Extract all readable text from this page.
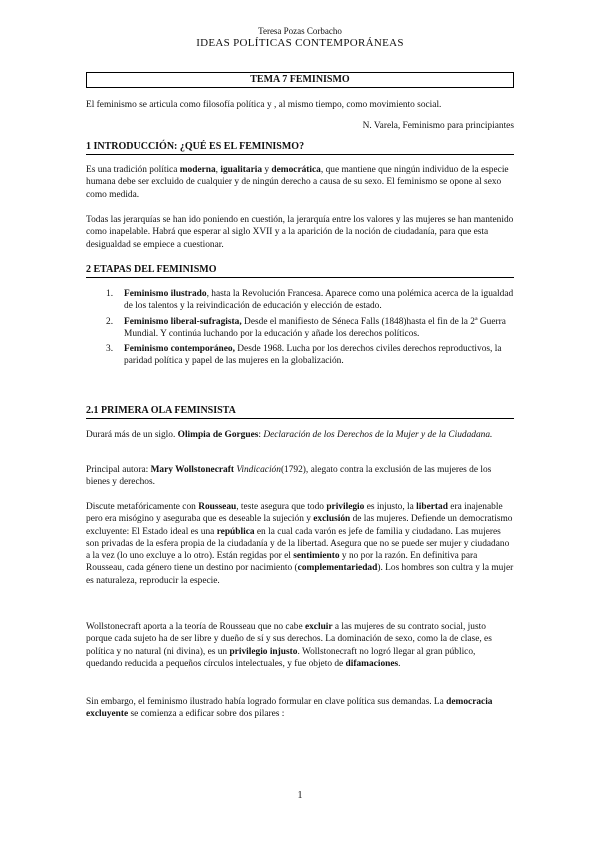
Teresa Pozas Corbacho
IDEAS POLÍTICAS CONTEMPORÁNEAS
TEMA 7 FEMINISMO
El feminismo se articula como filosofía política y , al mismo tiempo, como movimiento social.
N. Varela, Feminismo para principiantes
1 INTRODUCCIÓN: ¿QUÉ ES EL FEMINISMO?

Es una tradición política moderna, igualitaria y democrática, que mantiene que ningún individuo de la especie humana debe ser excluido de cualquier y de ningún derecho a causa de su sexo. El feminismo se opone al sexo como medida.

Todas las jerarquías se han ido poniendo en cuestión, la jerarquía entre los valores y las mujeres se han mantenido como inapelable. Habrá que esperar al siglo XVII y a la aparición de la noción de ciudadanía, para que esta desigualdad se empiece a cuestionar.

2 ETAPAS DEL FEMINISMO
1. Feminismo ilustrado, hasta la Revolución Francesa. Aparece como una polémica acerca de la igualdad de los talentos y la reivindicación de educación y elección de estado.
2. Feminismo liberal-sufragista, Desde el manifiesto de Séneca Falls (1848)hasta el fin de la 2ª Guerra Mundial. Y continúa luchando por la educación y añade los derechos políticos.
3. Feminismo contemporáneo, Desde 1968. Lucha por los derechos civiles derechos reproductivos, la paridad política y papel de las mujeres en la globalización.
2.1 PRIMERA OLA FEMINSISTA

Durará más de un siglo. Olimpia de Gorgues: Declaración de los Derechos de la Mujer y de la Ciudadana.

Principal autora: Mary Wollstonecraft Vindicación(1792), alegato contra la exclusión de las mujeres de los bienes y derechos.

Discute metafóricamente con Rousseau, teste asegura que todo privilegio es injusto, la libertad era inajenable pero era misógino y aseguraba que es deseable la sujeción y exclusión de las mujeres. Defiende un democratismo excluyente: El Estado ideal es una república en la cual cada varón es jefe de familia y ciudadano. Las mujeres son privadas de la esfera propia de la ciudadanía y de la libertad. Asegura que no se puede ser mujer y ciudadano a la vez (lo uno excluye a lo otro). Están regidas por el sentimiento y no por la razón. En definitiva para Rousseau, cada género tiene un destino por nacimiento (complementariedad). Los hombres son cultra y la mujer es naturaleza, reproducir la especie.

Wollstonecraft aporta a la teoría de Rousseau que no cabe excluir a las mujeres de su contrato social, justo porque cada sujeto ha de ser libre y dueño de sí y sus derechos. La dominación de sexo, como la de clase, es política y no natural (ni divina), es un privilegio injusto. Wollstonecraft no logró llegar al gran público, quedando reducida a pequeños círculos intelectuales, y fue objeto de difamaciones.

Sin embargo, el feminismo ilustrado había logrado formular en clave política sus demandas. La democracia excluyente se comienza a edificar sobre dos pilares :

1
